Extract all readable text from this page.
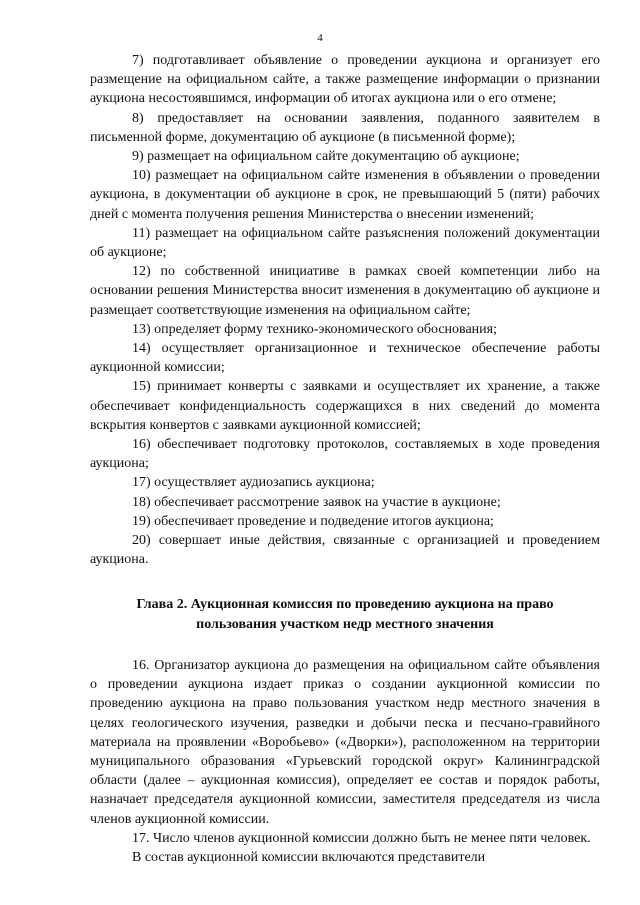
4

7) подготавливает объявление о проведении аукциона и организует его размещение на официальном сайте, а также размещение информации о признании аукциона несостоявшимся, информации об итогах аукциона или о его отмене;

8) предоставляет на основании заявления, поданного заявителем в письменной форме, документацию об аукционе (в письменной форме);

9) размещает на официальном сайте документацию об аукционе;

10) размещает на официальном сайте изменения в объявлении о проведении аукциона, в документации об аукционе в срок, не превышающий 5 (пяти) рабочих дней с момента получения решения Министерства о внесении изменений;

11) размещает на официальном сайте разъяснения положений документации об аукционе;

12) по собственной инициативе в рамках своей компетенции либо на основании решения Министерства вносит изменения в документацию об аукционе и размещает соответствующие изменения на официальном сайте;

13) определяет форму технико-экономического обоснования;

14) осуществляет организационное и техническое обеспечение работы аукционной комиссии;

15) принимает конверты с заявками и осуществляет их хранение, а также обеспечивает конфиденциальность содержащихся в них сведений до момента вскрытия конвертов с заявками аукционной комиссией;

16) обеспечивает подготовку протоколов, составляемых в ходе проведения аукциона;

17) осуществляет аудиозапись аукциона;

18) обеспечивает рассмотрение заявок на участие в аукционе;

19) обеспечивает проведение и подведение итогов аукциона;

20) совершает иные действия, связанные с организацией и проведением аукциона.

Глава 2. Аукционная комиссия по проведению аукциона на право
пользования участком недр местного значения

16. Организатор аукциона до размещения на официальном сайте объявления о проведении аукциона издает приказ о создании аукционной комиссии по проведению аукциона на право пользования участком недр местного значения в целях геологического изучения, разведки и добычи песка и песчано-гравийного материала на проявлении «Воробьево» («Дворки»), расположенном на территории муниципального образования «Гурьевский городской округ» Калининградской области (далее – аукционная комиссия), определяет ее состав и порядок работы, назначает председателя аукционной комиссии, заместителя председателя из числа членов аукционной комиссии.

17. Число членов аукционной комиссии должно быть не менее пяти человек.

В состав аукционной комиссии включаются представители
